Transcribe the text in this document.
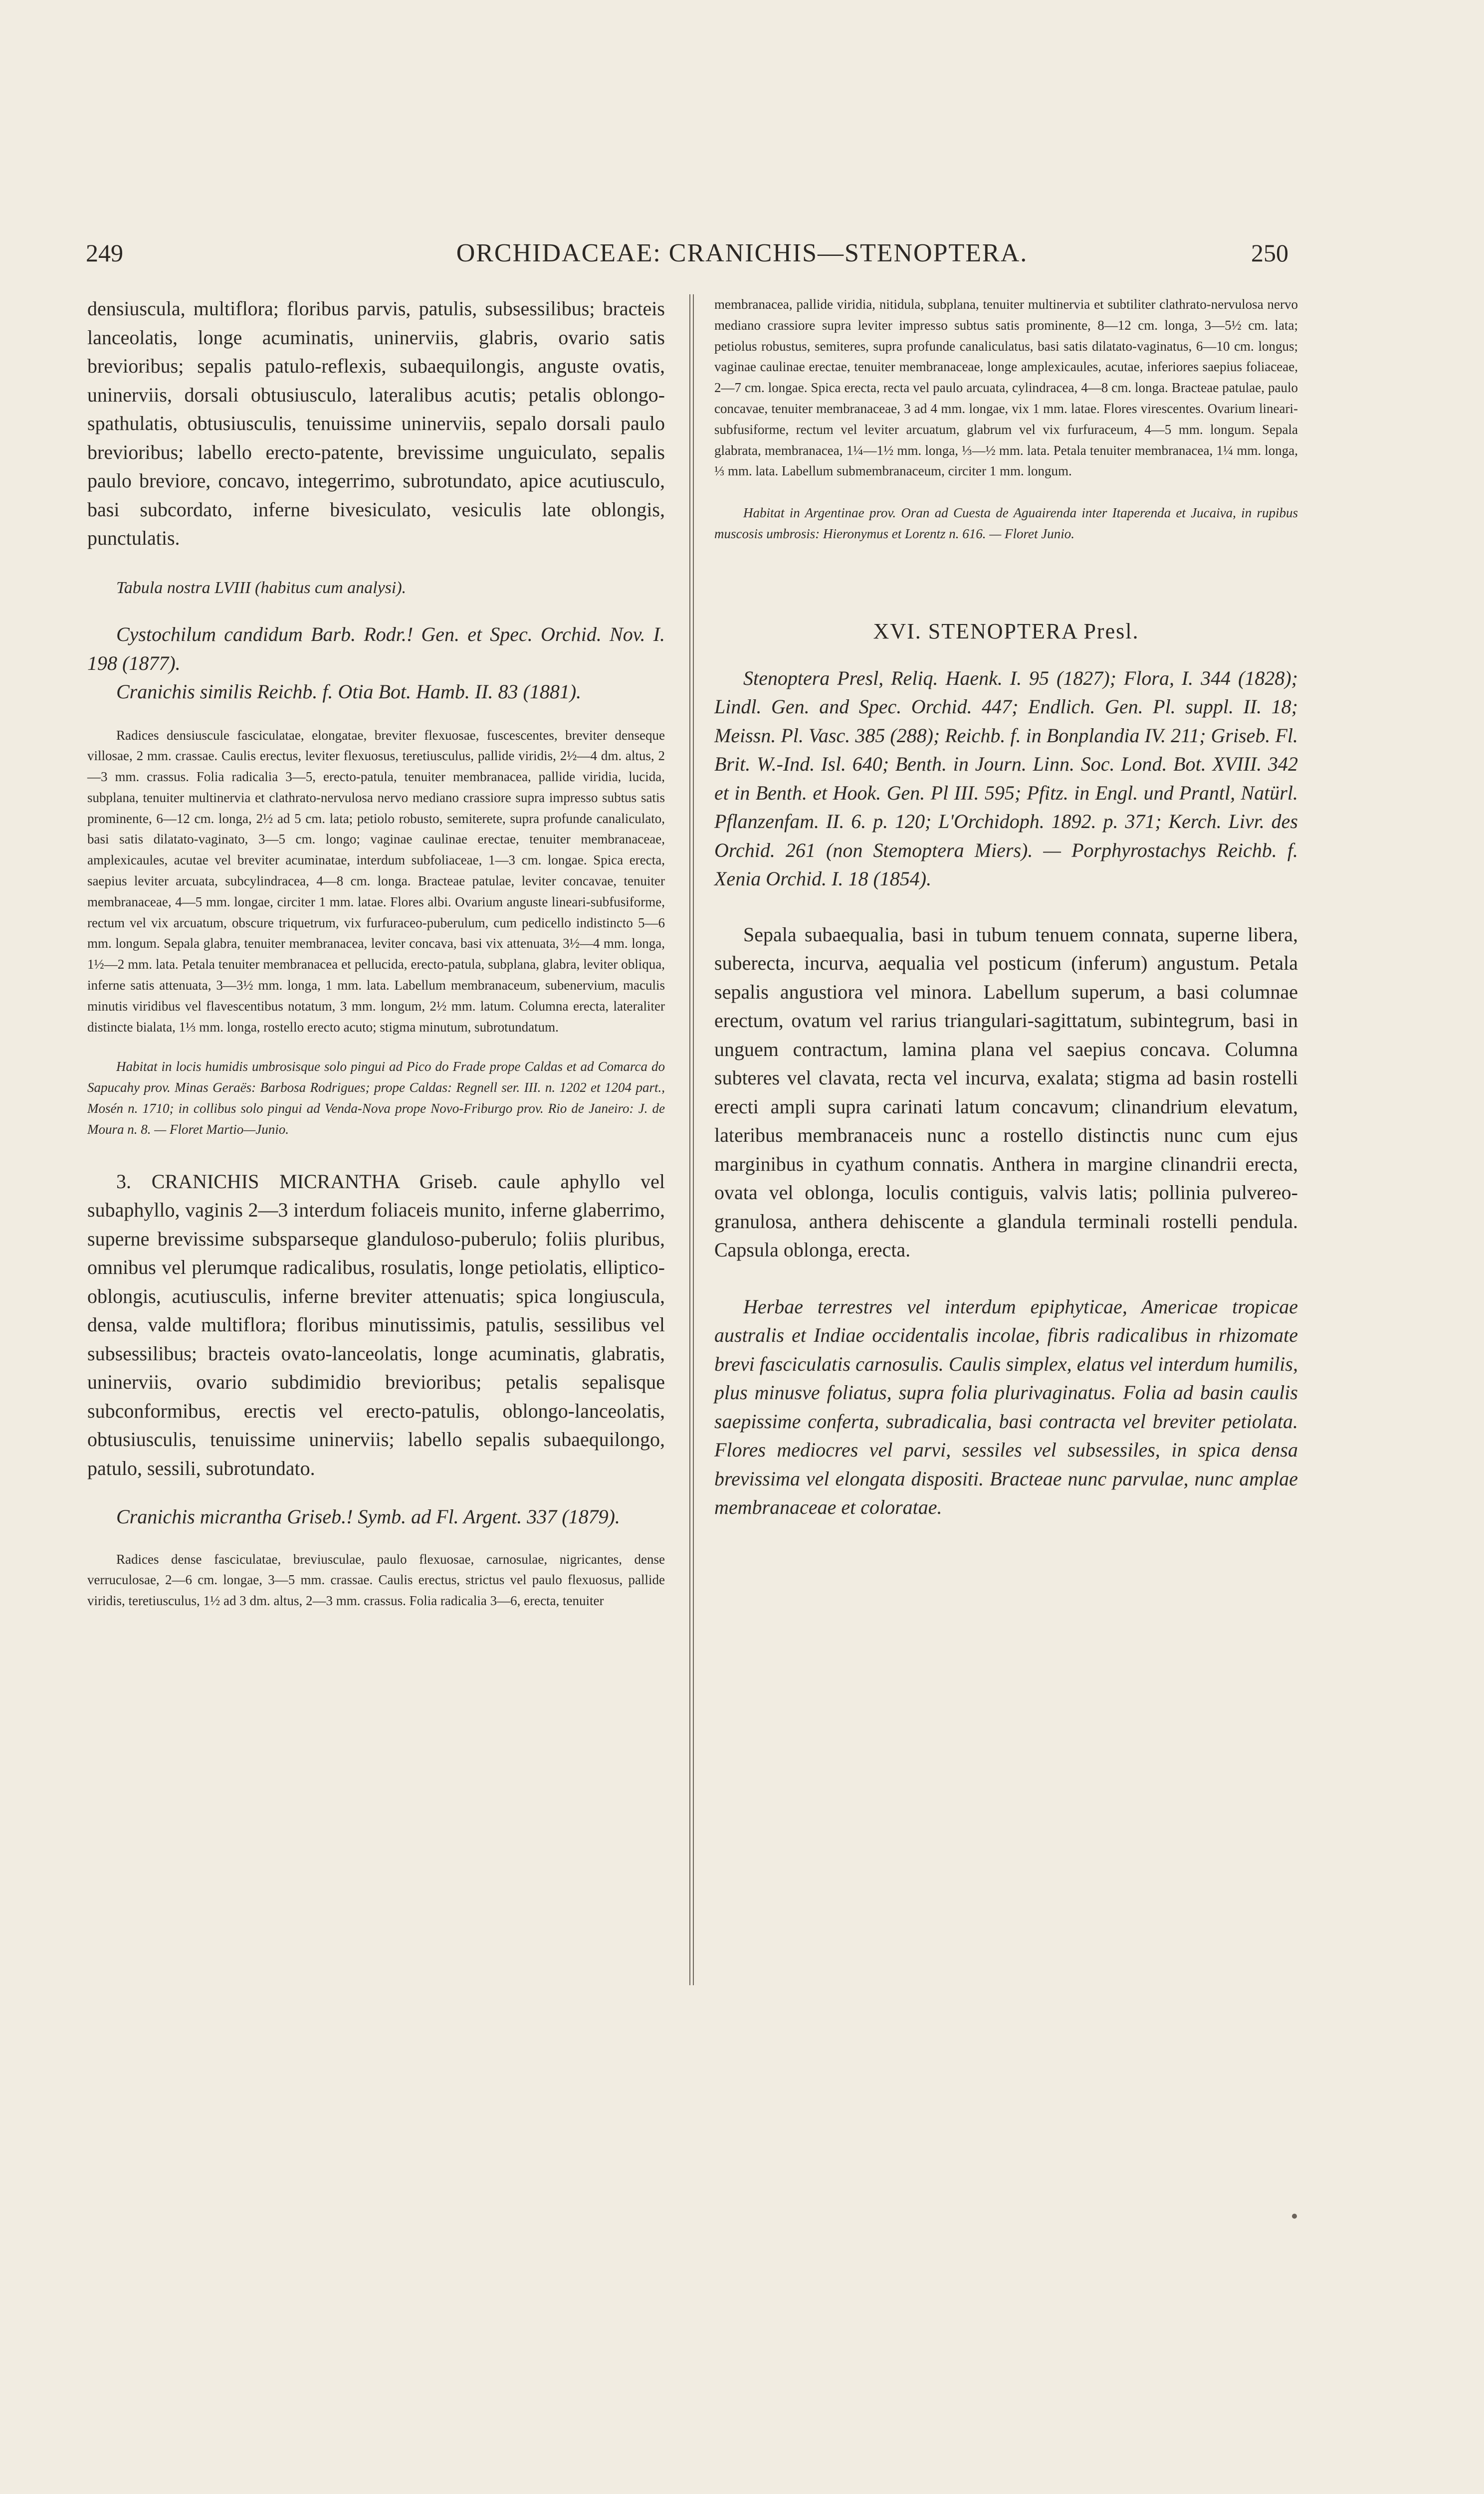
249	ORCHIDACEAE: CRANICHIS—STENOPTERA.	250

densiuscula, multiflora; floribus parvis, patulis, subsessilibus; bracteis lanceolatis, longe acuminatis, uninerviis, glabris, ovario satis brevioribus; sepalis patulo-reflexis, subaequilongis, anguste ovatis, uninerviis, dorsali obtusiusculo, lateralibus acutis; petalis oblongo-spathulatis, obtusiusculis, tenuissime uninerviis, sepalo dorsali paulo brevioribus; labello erecto-patente, brevissime unguiculato, sepalis paulo breviore, concavo, integerrimo, subrotundato, apice acutiusculo, basi subcordato, inferne bivesiculato, vesiculis late oblongis, punctulatis.

Tabula nostra LVIII (habitus cum analysi).

Cystochilum candidum Barb. Rodr.! Gen. et Spec. Orchid. Nov. I. 198 (1877).

Cranichis similis Reichb. f. Otia Bot. Hamb. II. 83 (1881).

Radices densiuscule fasciculatae, elongatae, breviter flexuosae, fuscescentes, breviter denseque villosae, 2 mm. crassae. Caulis erectus, leviter flexuosus, teretiusculus, pallide viridis, 2½—4 dm. altus, 2—3 mm. crassus. Folia radicalia 3—5, erecto-patula, tenuiter membranacea, pallide viridia, lucida, subplana, tenuiter multinervia et clathrato-nervulosa nervo mediano crassiore supra impresso subtus satis prominente, 6—12 cm. longa, 2½ ad 5 cm. lata; petiolo robusto, semiterete, supra profunde canaliculato, basi satis dilatato-vaginato, 3—5 cm. longo; vaginae caulinae erectae, tenuiter membranaceae, amplexicaules, acutae vel breviter acuminatae, interdum subfoliaceae, 1—3 cm. longae. Spica erecta, saepius leviter arcuata, subcylindracea, 4—8 cm. longa. Bracteae patulae, leviter concavae, tenuiter membranaceae, 4—5 mm. longae, circiter 1 mm. latae. Flores albi. Ovarium anguste lineari-subfusiforme, rectum vel vix arcuatum, obscure triquetrum, vix furfuraceo-puberulum, cum pedicello indistincto 5—6 mm. longum. Sepala glabra, tenuiter membranacea, leviter concava, basi vix attenuata, 3½—4 mm. longa, 1½—2 mm. lata. Petala tenuiter membranacea et pellucida, erecto-patula, subplana, glabra, leviter obliqua, inferne satis attenuata, 3—3½ mm. longa, 1 mm. lata. Labellum membranaceum, subenervium, maculis minutis viridibus vel flavescentibus notatum, 3 mm. longum, 2½ mm. latum. Columna erecta, lateraliter distincte bialata, 1⅓ mm. longa, rostello erecto acuto; stigma minutum, subrotundatum.

Habitat in locis humidis umbrosisque solo pingui ad Pico do Frade prope Caldas et ad Comarca do Sapucahy prov. Minas Geraës: Barbosa Rodrigues; prope Caldas: Regnell ser. III. n. 1202 et 1204 part., Mosén n. 1710; in collibus solo pingui ad Venda-Nova prope Novo-Friburgo prov. Rio de Janeiro: J. de Moura n. 8. — Floret Martio—Junio.

3. CRANICHIS MICRANTHA Griseb. caule aphyllo vel subaphyllo, vaginis 2—3 interdum foliaceis munito, inferne glaberrimo, superne brevissime subsparseque glanduloso-puberulo; foliis pluribus, omnibus vel plerumque radicalibus, rosulatis, longe petiolatis, elliptico-oblongis, acutiusculis, inferne breviter attenuatis; spica longiuscula, densa, valde multiflora; floribus minutissimis, patulis, sessilibus vel subsessilibus; bracteis ovato-lanceolatis, longe acuminatis, glabratis, uninerviis, ovario subdimidio brevioribus; petalis sepalisque subconformibus, erectis vel erecto-patulis, oblongo-lanceolatis, obtusiusculis, tenuissime uninerviis; labello sepalis subaequilongo, patulo, sessili, subrotundato.

Cranichis micrantha Griseb.! Symb. ad Fl. Argent. 337 (1879).

Radices dense fasciculatae, breviusculae, paulo flexuosae, carnosulae, nigricantes, dense verruculosae, 2—6 cm. longae, 3—5 mm. crassae. Caulis erectus, strictus vel paulo flexuosus, pallide viridis, teretiusculus, 1½ ad 3 dm. altus, 2—3 mm. crassus. Folia radicalia 3—6, erecta, tenuiter

membranacea, pallide viridia, nitidula, subplana, tenuiter multinervia et subtiliter clathrato-nervulosa nervo mediano crassiore supra leviter impresso subtus satis prominente, 8—12 cm. longa, 3—5½ cm. lata; petiolus robustus, semiteres, supra profunde canaliculatus, basi satis dilatato-vaginatus, 6—10 cm. longus; vaginae caulinae erectae, tenuiter membranaceae, longe amplexicaules, acutae, inferiores saepius foliaceae, 2—7 cm. longae. Spica erecta, recta vel paulo arcuata, cylindracea, 4—8 cm. longa. Bracteae patulae, paulo concavae, tenuiter membranaceae, 3 ad 4 mm. longae, vix 1 mm. latae. Flores virescentes. Ovarium lineari-subfusiforme, rectum vel leviter arcuatum, glabrum vel vix furfuraceum, 4—5 mm. longum. Sepala glabrata, membranacea, 1¼—1½ mm. longa, ⅓—½ mm. lata. Petala tenuiter membranacea, 1¼ mm. longa, ⅓ mm. lata. Labellum submembranaceum, circiter 1 mm. longum.

Habitat in Argentinae prov. Oran ad Cuesta de Aguairenda inter Itaperenda et Jucaiva, in rupibus muscosis umbrosis: Hieronymus et Lorentz n. 616. — Floret Junio.

XVI. STENOPTERA Presl.

Stenoptera Presl, Reliq. Haenk. I. 95 (1827); Flora, I. 344 (1828); Lindl. Gen. and Spec. Orchid. 447; Endlich. Gen. Pl. suppl. II. 18; Meissn. Pl. Vasc. 385 (288); Reichb. f. in Bonplandia IV. 211; Griseb. Fl. Brit. W.-Ind. Isl. 640; Benth. in Journ. Linn. Soc. Lond. Bot. XVIII. 342 et in Benth. et Hook. Gen. Pl III. 595; Pfitz. in Engl. und Prantl, Natürl. Pflanzenfam. II. 6. p. 120; L'Orchidoph. 1892. p. 371; Kerch. Livr. des Orchid. 261 (non Stemoptera Miers). — Porphyrostachys Reichb. f. Xenia Orchid. I. 18 (1854).

Sepala subaequalia, basi in tubum tenuem connata, superne libera, suberecta, incurva, aequalia vel posticum (inferum) angustum. Petala sepalis angustiora vel minora. Labellum superum, a basi columnae erectum, ovatum vel rarius triangulari-sagittatum, subintegrum, basi in unguem contractum, lamina plana vel saepius concava. Columna subteres vel clavata, recta vel incurva, exalata; stigma ad basin rostelli erecti ampli supra carinati latum concavum; clinandrium elevatum, lateribus membranaceis nunc a rostello distinctis nunc cum ejus marginibus in cyathum connatis. Anthera in margine clinandrii erecta, ovata vel oblonga, loculis contiguis, valvis latis; pollinia pulvereo-granulosa, anthera dehiscente a glandula terminali rostelli pendula. Capsula oblonga, erecta.

Herbae terrestres vel interdum epiphyticae, Americae tropicae australis et Indiae occidentalis incolae, fibris radicalibus in rhizomate brevi fasciculatis carnosulis. Caulis simplex, elatus vel interdum humilis, plus minusve foliatus, supra folia plurivaginatus. Folia ad basin caulis saepissime conferta, subradicalia, basi contracta vel breviter petiolata. Flores mediocres vel parvi, sessiles vel subsessiles, in spica densa brevissima vel elongata dispositi. Bracteae nunc parvulae, nunc amplae membranaceae et coloratae.
